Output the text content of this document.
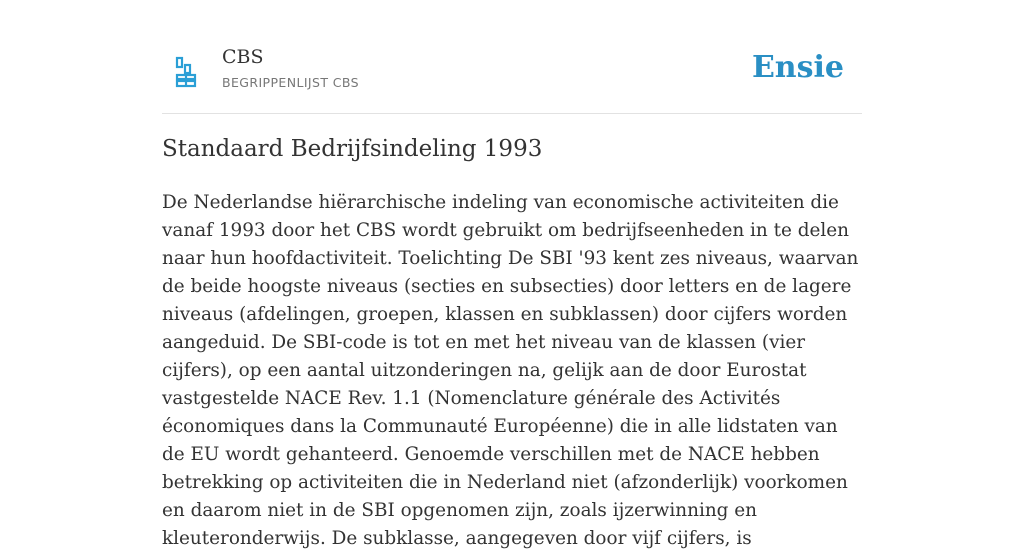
CBS
BEGRIPPENLIJST CBS	Ensie
Standaard Bedrijfsindeling 1993

De Nederlandse hiërarchische indeling van economische activiteiten die vanaf 1993 door het CBS wordt gebruikt om bedrijfseenheden in te delen naar hun hoofdactiviteit. Toelichting De SBI '93 kent zes niveaus, waarvan de beide hoogste niveaus (secties en subsecties) door letters en de lagere niveaus (afdelingen, groepen, klassen en subklassen) door cijfers worden aangeduid. De SBI-code is tot en met het niveau van de klassen (vier cijfers), op een aantal uitzonderingen na, gelijk aan de door Eurostat vastgestelde NACE Rev. 1.1 (Nomenclature générale des Activités économiques dans la Communauté Européenne) die in alle lidstaten van de EU wordt gehanteerd. Genoemde verschillen met de NACE hebben betrekking op activiteiten die in Nederland niet (afzonderlijk) voorkomen en daarom niet in de SBI opgenomen zijn, zoals ijzerwinning en kleuteronderwijs. De subklasse, aangegeven door vijf cijfers, is
